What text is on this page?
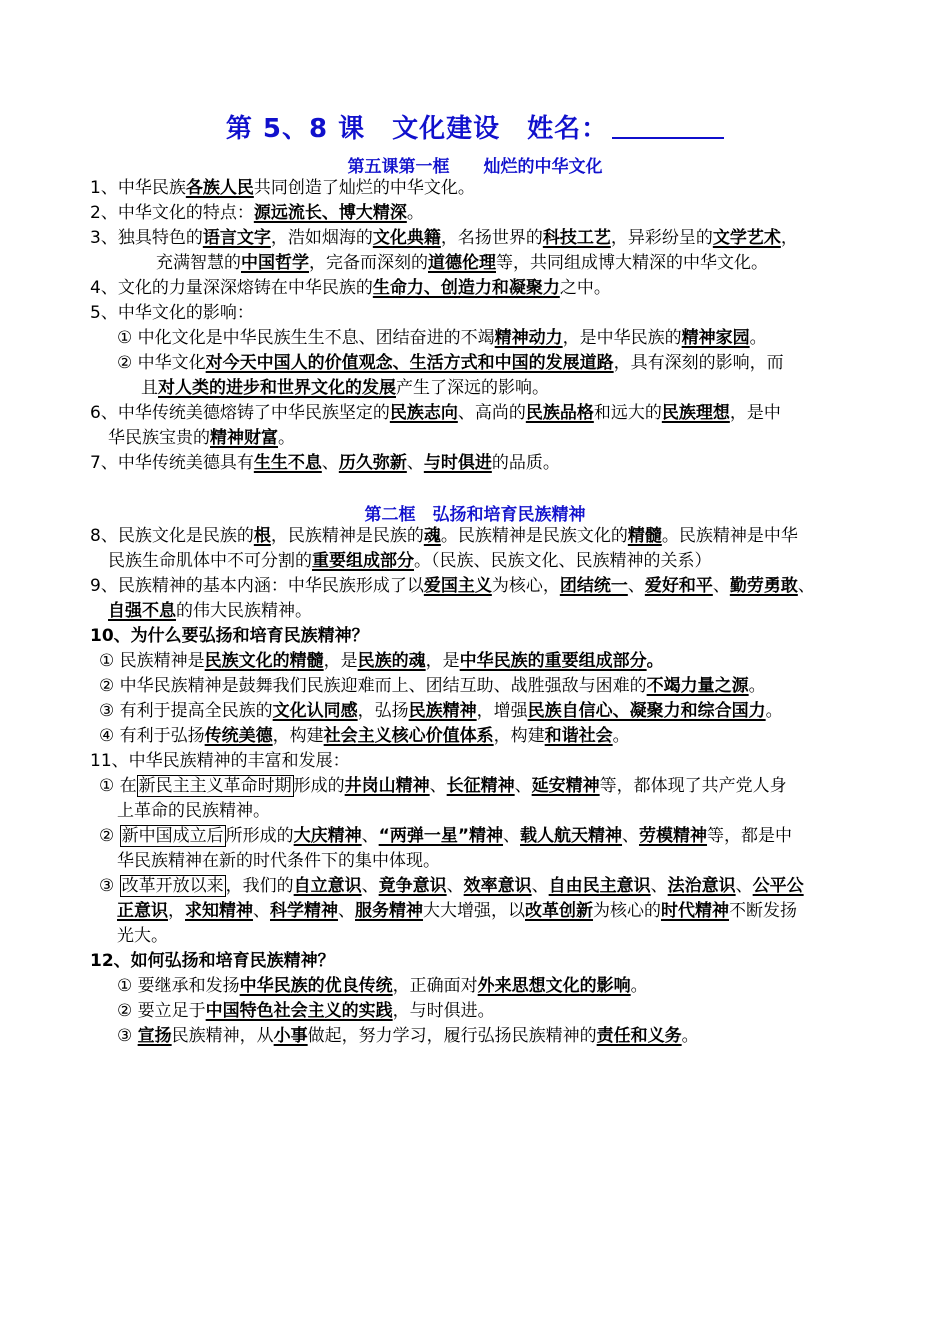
第 5、8 课　文化建设　姓名：
第五课第一框　　灿烂的中华文化
第二框　弘扬和培育民族精神
1、中华民族各族人民共同创造了灿烂的中华文化。
2、中华文化的特点：源远流长、博大精深。
3、独具特色的语言文字，浩如烟海的文化典籍，名扬世界的科技工艺，异彩纷呈的文学艺术，
充满智慧的中国哲学，完备而深刻的道德伦理等，共同组成博大精深的中华文化。
4、文化的力量深深熔铸在中华民族的生命力、创造力和凝聚力之中。
5、中华文化的影响：
① 中化文化是中华民族生生不息、团结奋进的不竭精神动力，是中华民族的精神家园。
② 中华文化对今天中国人的价值观念、生活方式和中国的发展道路，具有深刻的影响，而
且对人类的进步和世界文化的发展产生了深远的影响。
6、中华传统美德熔铸了中华民族坚定的民族志向、高尚的民族品格和远大的民族理想，是中
华民族宝贵的精神财富。
7、中华传统美德具有生生不息、历久弥新、与时俱进的品质。
8、民族文化是民族的根，民族精神是民族的魂。民族精神是民族文化的精髓。民族精神是中华
民族生命肌体中不可分割的重要组成部分。（民族、民族文化、民族精神的关系）
9、民族精神的基本内涵：中华民族形成了以爱国主义为核心，团结统一、爱好和平、勤劳勇敢、
自强不息的伟大民族精神。
10、为什么要弘扬和培育民族精神？
① 民族精神是民族文化的精髓，是民族的魂，是中华民族的重要组成部分。
② 中华民族精神是鼓舞我们民族迎难而上、团结互助、战胜强敌与困难的不竭力量之源。
③ 有利于提高全民族的文化认同感，弘扬民族精神，增强民族自信心、凝聚力和综合国力。
④ 有利于弘扬传统美德，构建社会主义核心价值体系，构建和谐社会。
11、中华民族精神的丰富和发展：
① 在 新民主主义革命时期 形成的井岗山精神、长征精神、延安精神等，都体现了共产党人身
上革命的民族精神。
② 新中国成立后 所形成的大庆精神、“两弹一星”精神、载人航天精神、劳模精神等，都是中
华民族精神在新的时代条件下的集中体现。
③ 改革开放以来 ，我们的自立意识、竟争意识、效率意识、自由民主意识、法治意识、公平公
正意识，求知精神、科学精神、服务精神大大增强，以改革创新为核心的时代精神不断发扬
光大。
12、如何弘扬和培育民族精神？
① 要继承和发扬中华民族的优良传统，正确面对外来思想文化的影响。
② 要立足于中国特色社会主义的实践，与时俱进。
③ 宣扬民族精神，从小事做起，努力学习，履行弘扬民族精神的责任和义务。
